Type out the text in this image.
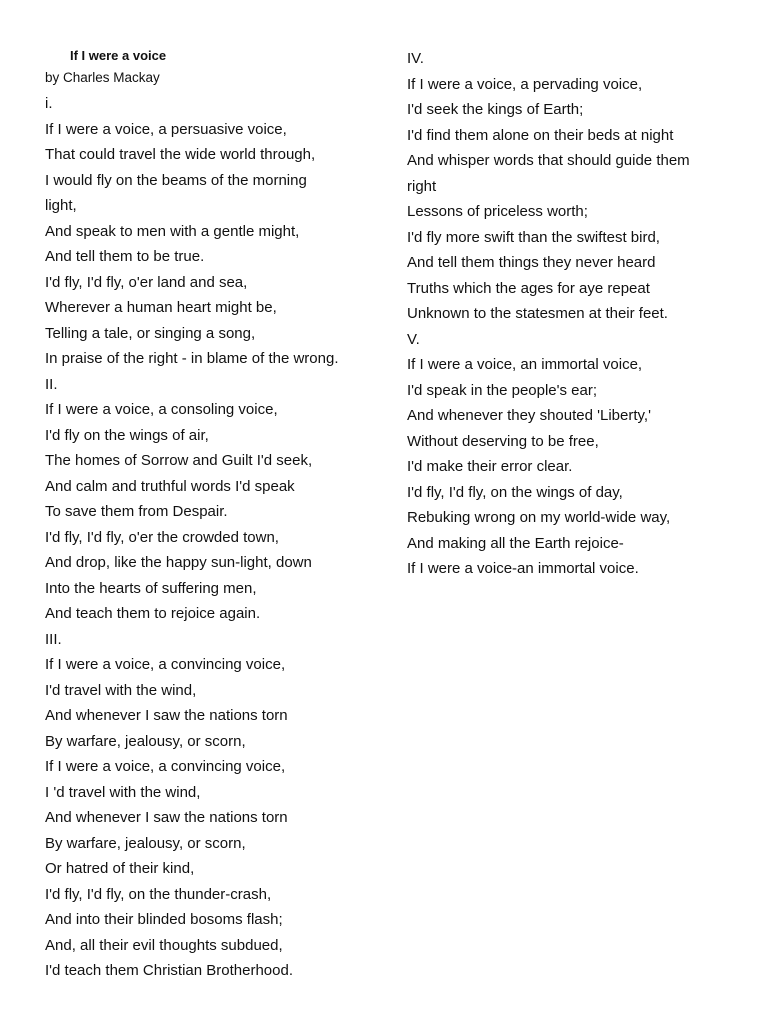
If I were a voice
by Charles Mackay
i.
If I were a voice, a persuasive voice,
That could travel the wide world through,
I would fly on the beams of the morning
light,
And speak to men with a gentle might,
And tell them to be true.
I'd fly, I'd fly, o'er land and sea,
Wherever a human heart might be,
Telling a tale, or singing a song,
In praise of the right - in blame of the wrong.
II.
If I were a voice, a consoling voice,
I'd fly on the wings of air,
The homes of Sorrow and Guilt I'd seek,
And calm and truthful words I'd speak
To save them from Despair.
I'd fly, I'd fly, o'er the crowded town,
And drop, like the happy sun-light, down
Into the hearts of suffering men,
And teach them to rejoice again.
III.
If I were a voice, a convincing voice,
I'd travel with the wind,
And whenever I saw the nations torn
By warfare, jealousy, or scorn,
If I were a voice, a convincing voice,
I 'd travel with the wind,
And whenever I saw the nations torn
By warfare, jealousy, or scorn,
Or hatred of their kind,
I'd fly, I'd fly, on the thunder-crash,
And into their blinded bosoms flash;
And, all their evil thoughts subdued,
I'd teach them Christian Brotherhood.
IV.
If I were a voice, a pervading voice,
I'd seek the kings of Earth;
I'd find them alone on their beds at night
And whisper words that should guide them
right
Lessons of priceless worth;
I'd fly more swift than the swiftest bird,
And tell them things they never heard
Truths which the ages for aye repeat
Unknown to the statesmen at their feet.
V.
If I were a voice, an immortal voice,
I'd speak in the people's ear;
And whenever they shouted 'Liberty,'
Without deserving to be free,
I'd make their error clear.
I'd fly, I'd fly, on the wings of day,
Rebuking wrong on my world-wide way,
And making all the Earth rejoice-
If I were a voice-an immortal voice.
